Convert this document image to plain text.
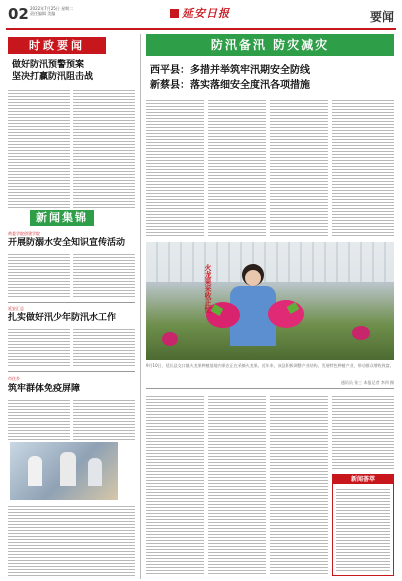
02 2022年7月25日 星期二
责任编辑 美编	延安日报	要闻
时政要闻
做好防汛预警预案
坚决打赢防汛阻击战
新闻集锦
黄委学院创建学院
开展防溺水安全知识宣传活动
延安汇总
扎实做好汛少年防汛水工作
市住乡
筑牢群体免疫屏障
防汛备汛 防灾减灾
西平县：多措并举筑牢汛期安全防线
新蔡县：落实落细安全度汛各项措施
火龙果采收正忙
9月10日，延长县交口镇火龙果种植基地内果农正在采摘火龙果。近年来，该县积极调整产业结构，发展特色种植产业，带动群众增收致富。
通讯员 张三 本报记者 李四 摄
新闻荟萃
